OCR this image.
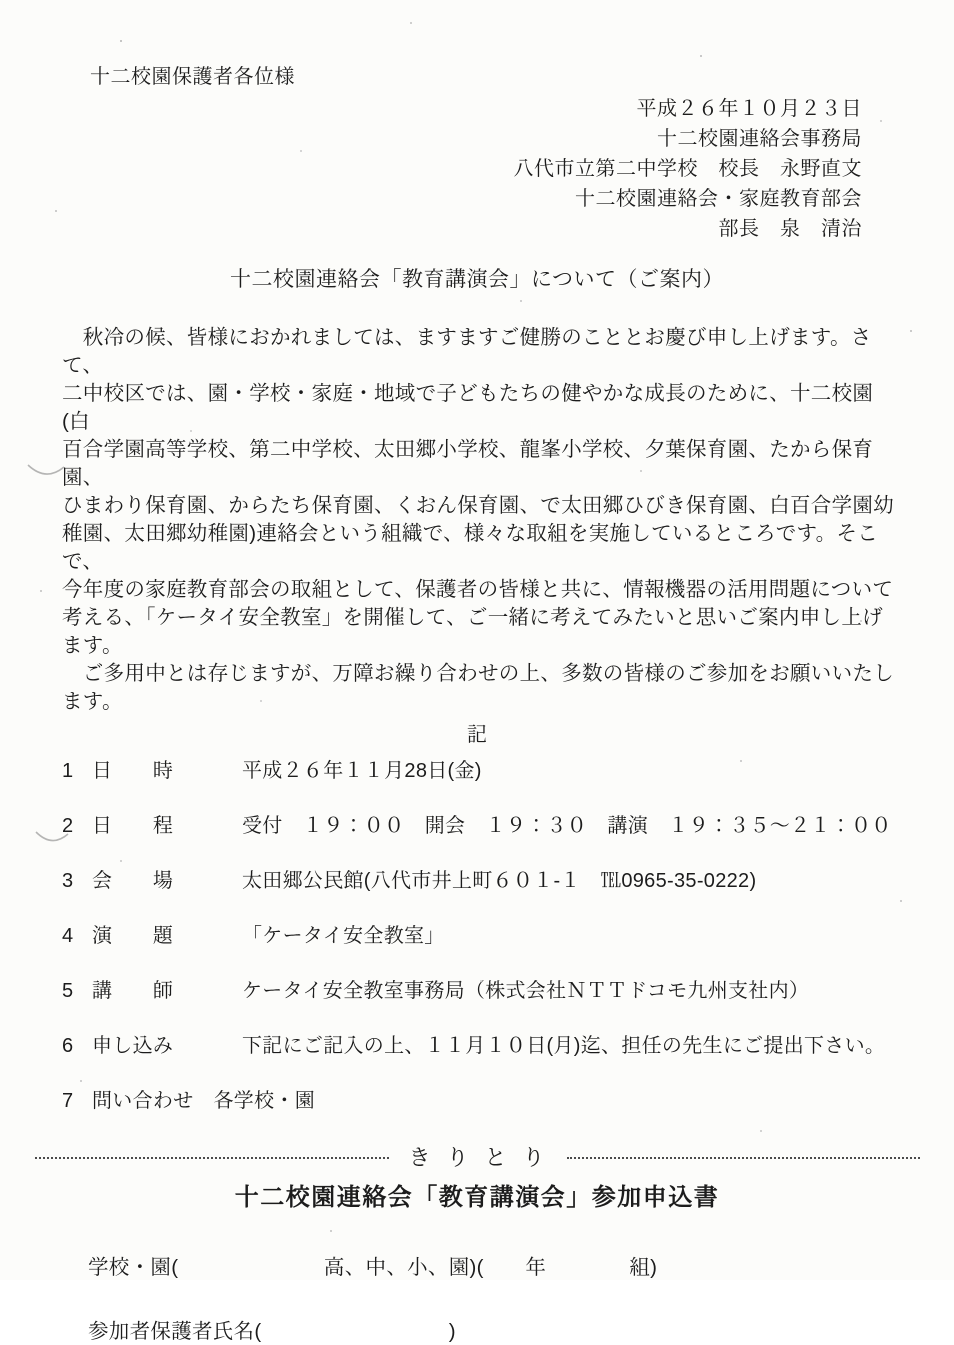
十二校園保護者各位様
平成２６年１０月２３日
十二校園連絡会事務局
八代市立第二中学校　校長　永野直文
十二校園連絡会・家庭教育部会
部長　泉　清治
十二校園連絡会「教育講演会」について（ご案内）
　秋冷の候、皆様におかれましては、ますますご健勝のこととお慶び申し上げます。さて、
二中校区では、園・学校・家庭・地域で子どもたちの健やかな成長のために、十二校園(白
百合学園高等学校、第二中学校、太田郷小学校、龍峯小学校、夕葉保育園、たから保育園、
ひまわり保育園、からたち保育園、くおん保育園、で太田郷ひびき保育園、白百合学園幼
稚園、太田郷幼稚園)連絡会という組織で、様々な取組を実施しているところです。そこで、
今年度の家庭教育部会の取組として、保護者の皆様と共に、情報機器の活用問題について
考える、「ケータイ安全教室」を開催して、ご一緒に考えてみたいと思いご案内申し上げ
ます。
　ご多用中とは存じますが、万障お繰り合わせの上、多数の皆様のご参加をお願いいたし
ます。
記
1 日　　時	平成２６年１１月28日(金)
2 日　　程	受付　１９：００　開会　１９：３０　講演　１９：３５～２１：００
3 会　　場	太田郷公民館(八代市井上町６０１-１　℡0965-35-0222)
4 演　　題	「ケータイ安全教室」
5 講　　師	ケータイ安全教室事務局（株式会社ＮＴＴドコモ九州支社内）
6 申し込み	下記にご記入の上、１１月１０日(月)迄、担任の先生にご提出下さい。
7 問い合わせ 各学校・園
きりとり
十二校園連絡会「教育講演会」参加申込書
学校・園(　　　　　　　高、中、小、園)(　　年　　　　組)
参加者保護者氏名(　　　　　　　　　)
